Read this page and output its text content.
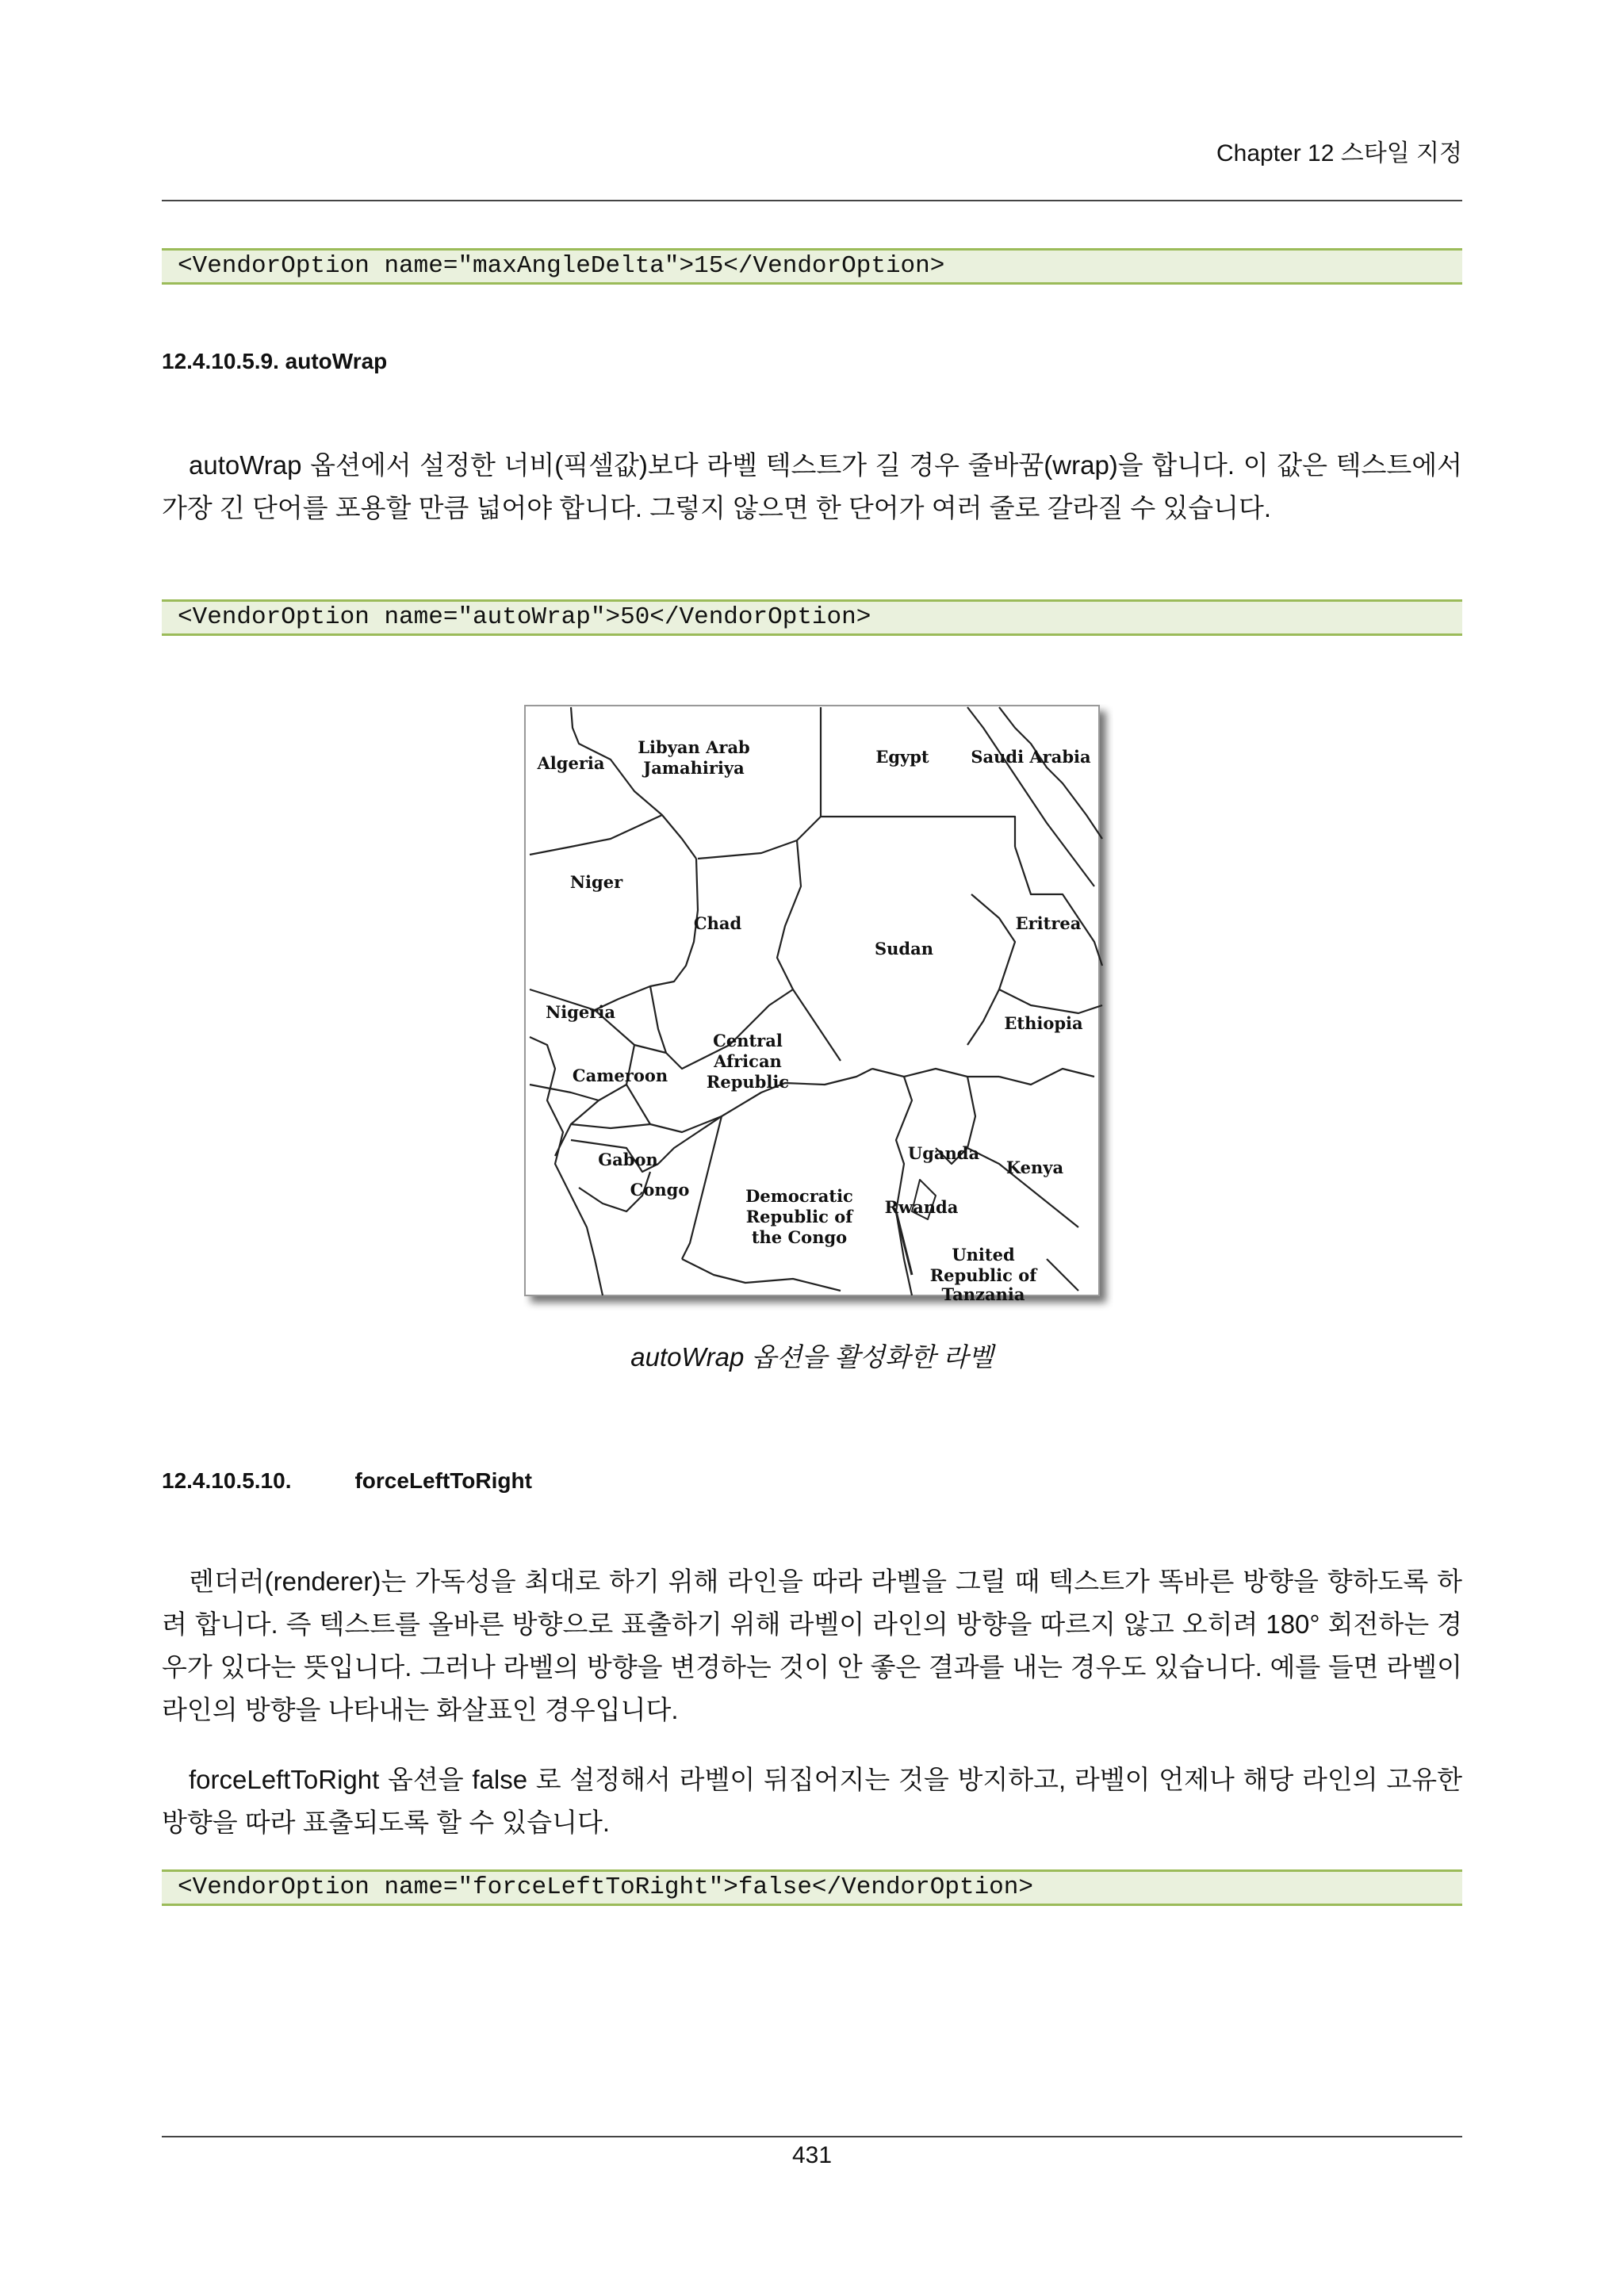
Chapter 12 스타일 지정
<VendorOption name="maxAngleDelta">15</VendorOption>
12.4.10.5.9. autoWrap
autoWrap 옵션에서 설정한 너비(픽셀값)보다 라벨 텍스트가 길 경우 줄바꿈(wrap)을 합니다. 이 값은 텍스트에서 가장 긴 단어를 포용할 만큼 넓어야 합니다. 그렇지 않으면 한 단어가 여러 줄로 갈라질 수 있습니다.
<VendorOption name="autoWrap">50</VendorOption>
Algeria
Libyan Arab
Jamahiriya
Egypt	Saudi Arabia
Niger
Chad
Sudan
Eritrea
Nigeria
Ethiopia
Central
African
Republic
Cameroon
Gabon
Congo
Uganda
Kenya
Democratic
Republic of
the Congo
Rwanda
United
Republic of
Tanzania
autoWrap 옵션을 활성화한 라벨
12.4.10.5.10.	forceLeftToRight
렌더러(renderer)는 가독성을 최대로 하기 위해 라인을 따라 라벨을 그릴 때 텍스트가 똑바른 방향을 향하도록 하려 합니다. 즉 텍스트를 올바른 방향으로 표출하기 위해 라벨이 라인의 방향을 따르지 않고 오히려 180° 회전하는 경우가 있다는 뜻입니다. 그러나 라벨의 방향을 변경하는 것이 안 좋은 결과를 내는 경우도 있습니다. 예를 들면 라벨이 라인의 방향을 나타내는 화살표인 경우입니다.
forceLeftToRight 옵션을 false 로 설정해서 라벨이 뒤집어지는 것을 방지하고, 라벨이 언제나 해당 라인의 고유한 방향을 따라 표출되도록 할 수 있습니다.
<VendorOption name="forceLeftToRight">false</VendorOption>
431
